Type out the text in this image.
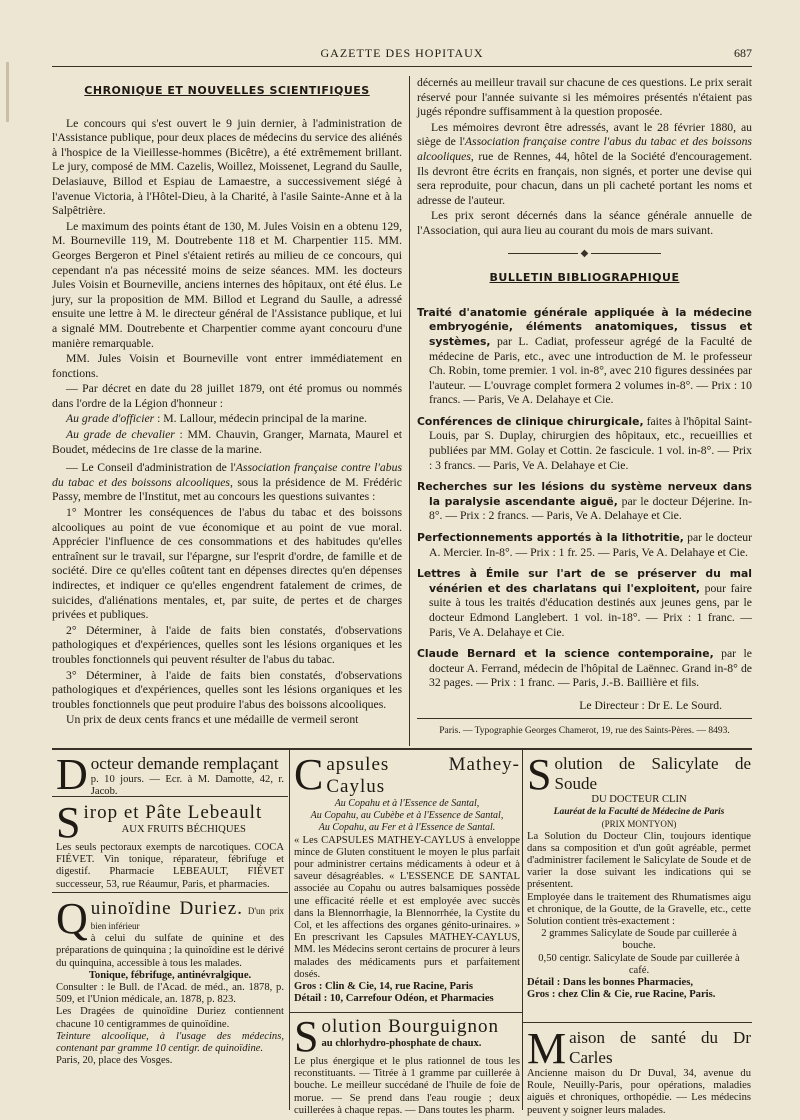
GAZETTE DES HOPITAUX	687
CHRONIQUE ET NOUVELLES SCIENTIFIQUES

Le concours qui s'est ouvert le 9 juin dernier, à l'administration de l'Assistance publique, pour deux places de médecins du service des aliénés à l'hospice de la Vieillesse-hommes (Bicêtre), a été extrêmement brillant. Le jury, composé de MM. Cazelis, Woillez, Moissenet, Legrand du Saulle, Delasiauve, Billod et Espiau de Lamaestre, a successivement siégé à l'avenue Victoria, à l'Hôtel-Dieu, à la Charité, à l'asile Sainte-Anne et à la Salpêtrière.

Le maximum des points étant de 130, M. Jules Voisin en a obtenu 129, M. Bourneville 119, M. Doutrebente 118 et M. Charpentier 115. MM. Georges Bergeron et Pinel s'étaient retirés au milieu de ce concours, qui cependant n'a pas nécessité moins de seize séances. MM. les docteurs Jules Voisin et Bourneville, anciens internes des hôpitaux, ont été élus. Le jury, sur la proposition de MM. Billod et Legrand du Saulle, a adressé ensuite une lettre à M. le directeur général de l'Assistance publique, et lui a signalé MM. Doutrebente et Charpentier comme ayant concouru d'une manière remarquable.

MM. Jules Voisin et Bourneville vont entrer immédiatement en fonctions.

— Par décret en date du 28 juillet 1879, ont été promus ou nommés dans l'ordre de la Légion d'honneur :

Au grade d'officier : M. Lallour, médecin principal de la marine.

Au grade de chevalier : MM. Chauvin, Granger, Marnata, Maurel et Boudet, médecins de 1re classe de la marine.

— Le Conseil d'administration de l'Association française contre l'abus du tabac et des boissons alcooliques, sous la présidence de M. Frédéric Passy, membre de l'Institut, met au concours les questions suivantes :

1° Montrer les conséquences de l'abus du tabac et des boissons alcooliques au point de vue économique et au point de vue moral. Apprécier l'influence de ces consommations et des habitudes qu'elles entraînent sur le travail, sur l'épargne, sur l'esprit d'ordre, de famille et de société. Dire ce qu'elles coûtent tant en dépenses directes qu'en dépenses indirectes, et indiquer ce qu'elles engendrent fatalement de crimes, de suicides, d'aliénations mentales, et, par suite, de pertes et de charges privées et publiques.

2° Déterminer, à l'aide de faits bien constatés, d'observations pathologiques et d'expériences, quelles sont les lésions organiques et les troubles fonctionnels qui peuvent résulter de l'abus du tabac.

3° Déterminer, à l'aide de faits bien constatés, d'observations pathologiques et d'expériences, quelles sont les lésions organiques et les troubles fonctionnels que peut produire l'abus des boissons alcooliques.

Un prix de deux cents francs et une médaille de vermeil seront

décernés au meilleur travail sur chacune de ces questions. Le prix serait réservé pour l'année suivante si les mémoires présentés n'étaient pas jugés répondre suffisamment à la question proposée.

Les mémoires devront être adressés, avant le 28 février 1880, au siège de l'Association française contre l'abus du tabac et des boissons alcooliques, rue de Rennes, 44, hôtel de la Société d'encouragement. Ils devront être écrits en français, non signés, et porter une devise qui sera reproduite, pour chacun, dans un pli cacheté portant les noms et adresse de l'auteur.

Les prix seront décernés dans la séance générale annuelle de l'Association, qui aura lieu au courant du mois de mars suivant.

◆
BULLETIN BIBLIOGRAPHIQUE
Traité d'anatomie générale appliquée à la médecine embryogénie, éléments anatomiques, tissus et systèmes, par L. Cadiat, professeur agrégé de la Faculté de médecine de Paris, etc., avec une introduction de M. le professeur Ch. Robin, tome premier. 1 vol. in-8°, avec 210 figures dessinées par l'auteur. — L'ouvrage complet formera 2 volumes in-8°. — Prix : 10 francs. — Paris, Ve A. Delahaye et Cie.
Conférences de clinique chirurgicale, faites à l'hôpital Saint-Louis, par S. Duplay, chirurgien des hôpitaux, etc., recueillies et publiées par MM. Golay et Cottin. 2e fascicule. 1 vol. in-8°. — Prix : 3 francs. — Paris, Ve A. Delahaye et Cie.
Recherches sur les lésions du système nerveux dans la paralysie ascendante aiguë, par le docteur Déjerine. In-8°. — Prix : 2 francs. — Paris, Ve A. Delahaye et Cie.
Perfectionnements apportés à la lithotritie, par le docteur A. Mercier. In-8°. — Prix : 1 fr. 25. — Paris, Ve A. Delahaye et Cie.
Lettres à Émile sur l'art de se préserver du mal vénérien et des charlatans qui l'exploitent, pour faire suite à tous les traités d'éducation destinés aux jeunes gens, par le docteur Edmond Langlebert. 1 vol. in-18°. — Prix : 1 franc. — Paris, Ve A. Delahaye et Cie.
Claude Bernard et la science contemporaine, par le docteur A. Ferrand, médecin de l'hôpital de Laënnec. Grand in-8° de 32 pages. — Prix : 1 franc. — Paris, J.-B. Baillière et fils.

Le Directeur : Dr E. Le Sourd.

Paris. — Typographie Georges Chamerot, 19, rue des Saints-Pères. — 8493.
D octeur demande remplaçant
p. 10 jours. — Ecr. à M. Damotte, 42, r. Jacob.
S irop et Pâte Lebeault
AUX FRUITS BÉCHIQUES
Les seuls pectoraux exempts de narcotiques. COCA FIÉVET. Vin tonique, réparateur, fébrifuge et digestif. Pharmacie LEBEAULT, FIÉVET successeur, 53, rue Réaumur, Paris, et pharmacies.
Q uinoïdine Duriez. D'un prix bien inférieur
à celui du sulfate de quinine et des préparations de quinquina ; la quinoïdine est le dérivé du quinquina, accessible à tous les malades.
Tonique, fébrifuge, antinévralgique.
Consulter : le Bull. de l'Acad. de méd., an. 1878, p. 509, et l'Union médicale, an. 1878, p. 823.
Les Dragées de quinoïdine Duriez contiennent chacune 10 centigrammes de quinoïdine.
Teinture alcoolique, à l'usage des médecins, contenant par gramme 10 centigr. de quinoïdine.
Paris, 20, place des Vosges.
C apsules Mathey-Caylus
Au Copahu et à l'Essence de Santal,
Au Copahu, au Cubèbe et à l'Essence de Santal,
Au Copahu, au Fer et à l'Essence de Santal.
« Les CAPSULES MATHEY-CAYLUS à enveloppe mince de Gluten constituent le moyen le plus parfait pour administrer certains médicaments à odeur et à saveur désagréables. « L'ESSENCE DE SANTAL associée au Copahu ou autres balsamiques possède une efficacité réelle et est employée avec succès dans la Blennorrhagie, la Blennorrhée, la Cystite du Col, et les affections des organes génito-urinaires. » En prescrivant les Capsules MATHEY-CAYLUS, MM. les Médecins seront certains de procurer à leurs malades des médicaments purs et parfaitement dosés.
Gros : Clin & Cie, 14, rue Racine, Paris
Détail : 10, Carrefour Odéon, et Pharmacies
S olution Bourguignon
au chlorhydro-phosphate de chaux.
Le plus énergique et le plus rationnel de tous les reconstituants. — Titrée à 1 gramme par cuillerée à bouche. Le meilleur succédané de l'huile de foie de morue. — Se prend dans l'eau rougie ; deux cuillerées à chaque repas. — Dans toutes les pharm.
S olution de Salicylate de Soude
DU DOCTEUR CLIN
Lauréat de la Faculté de Médecine de Paris
(PRIX MONTYON)
La Solution du Docteur Clin, toujours identique dans sa composition et d'un goût agréable, permet d'administrer facilement le Salicylate de Soude et de varier la dose suivant les indications qui se présentent.
Employée dans le traitement des Rhumatismes aigu et chronique, de la Goutte, de la Gravelle, etc., cette Solution contient très-exactement :
2 grammes Salicylate de Soude par cuillerée à bouche.
0,50 centigr. Salicylate de Soude par cuillerée à café.
Détail : Dans les bonnes Pharmacies,
Gros : chez Clin & Cie, rue Racine, Paris.
M aison de santé du Dr Carles
Ancienne maison du Dr Duval, 34, avenue du Roule, Neuilly-Paris, pour opérations, maladies aiguës et chroniques, orthopédie. — Les médecins peuvent y soigner leurs malades.
